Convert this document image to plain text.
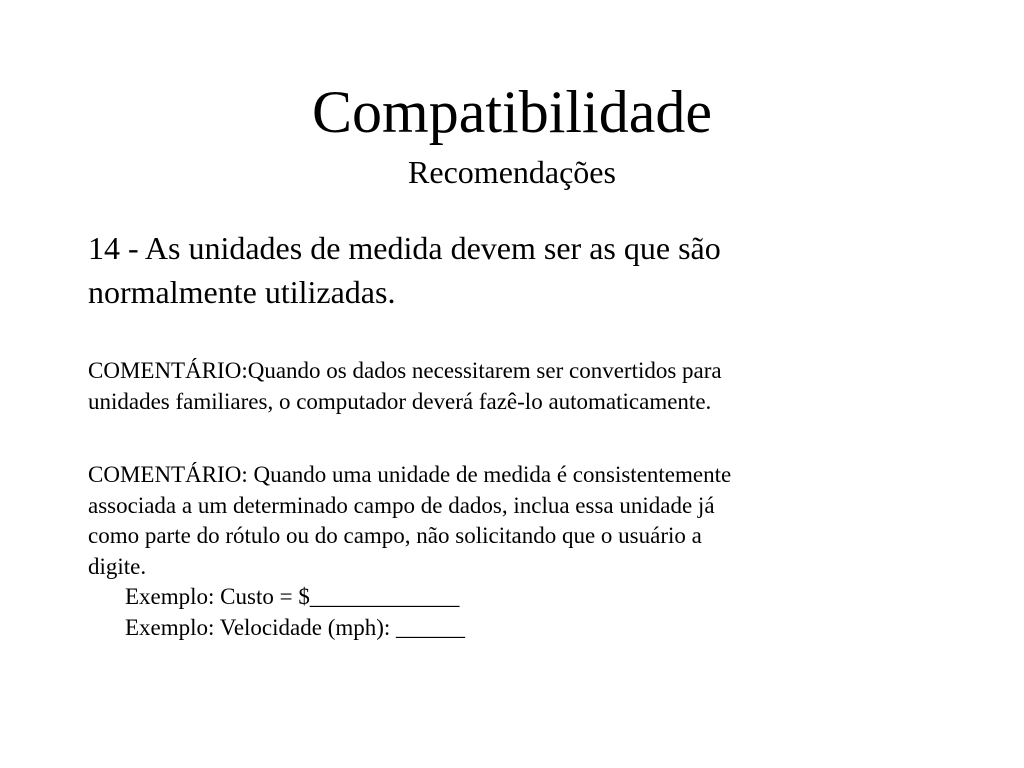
Compatibilidade
Recomendações

14 - As unidades de medida devem ser as que são
normalmente utilizadas.

COMENTÁRIO:Quando os dados necessitarem ser convertidos para
unidades familiares, o computador deverá fazê-lo automaticamente.

COMENTÁRIO: Quando uma unidade de medida é consistentemente
associada a um determinado campo de dados, inclua essa unidade já
como parte do rótulo ou do campo, não solicitando que o usuário a
digite.
Exemplo: Custo = $_____________
Exemplo: Velocidade (mph): ______
